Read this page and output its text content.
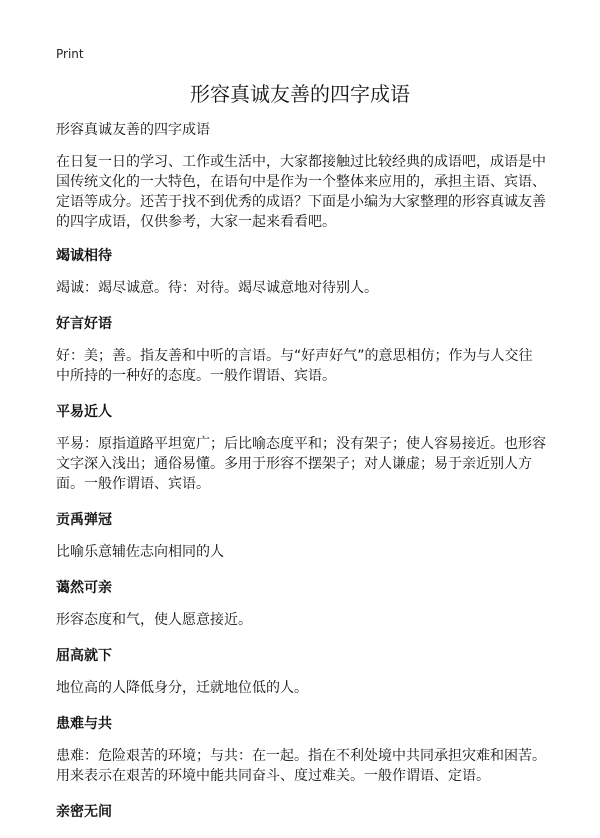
Print
形容真诚友善的四字成语

形容真诚友善的四字成语

在日复一日的学习、工作或生活中，大家都接触过比较经典的成语吧，成语是中国传统文化的一大特色，在语句中是作为一个整体来应用的，承担主语、宾语、定语等成分。还苦于找不到优秀的成语？下面是小编为大家整理的形容真诚友善的四字成语，仅供参考，大家一起来看看吧。

竭诚相待

竭诚：竭尽诚意。待：对待。竭尽诚意地对待别人。

好言好语

好：美；善。指友善和中听的言语。与“好声好气”的意思相仿；作为与人交往中所持的一种好的态度。一般作谓语、宾语。

平易近人

平易：原指道路平坦宽广；后比喻态度平和；没有架子；使人容易接近。也形容文字深入浅出；通俗易懂。多用于形容不摆架子；对人谦虚；易于亲近别人方面。一般作谓语、宾语。

贡禹弹冠

比喻乐意辅佐志向相同的人

蔼然可亲

形容态度和气，使人愿意接近。

屈高就下

地位高的人降低身分，迁就地位低的人。

患难与共

患难：危险艰苦的环境；与共：在一起。指在不利处境中共同承担灾难和困苦。用来表示在艰苦的环境中能共同奋斗、度过难关。一般作谓语、定语。

亲密无间
